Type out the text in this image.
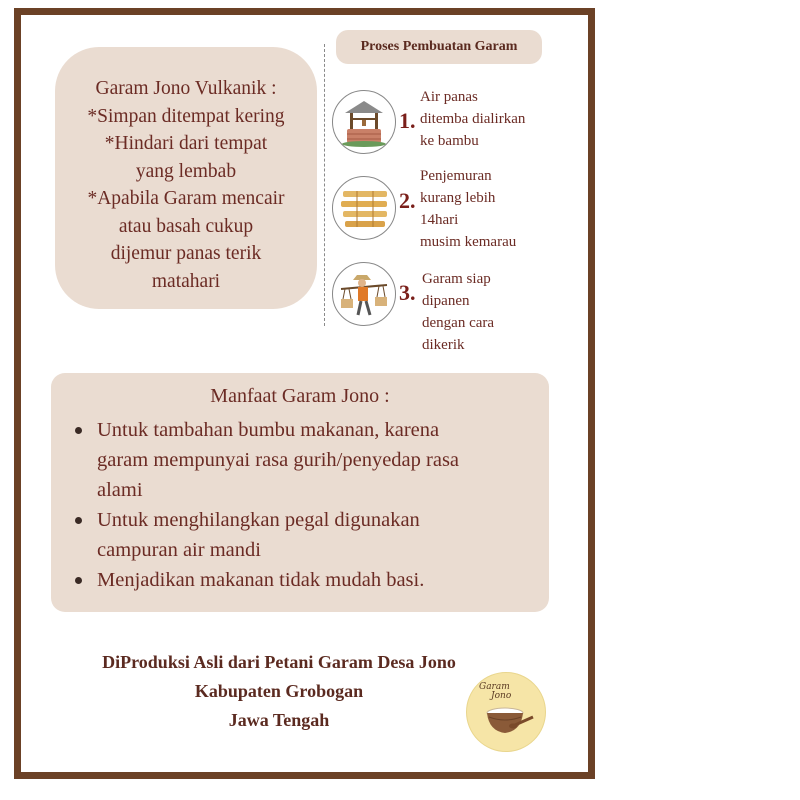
Garam Jono Vulkanik :
*Simpan ditempat kering
*Hindari dari tempat
yang lembab
*Apabila Garam mencair
atau basah cukup
dijemur panas terik
matahari
Proses Pembuatan Garam
1.
Air panas
ditemba dialirkan
ke bambu
2.
Penjemuran
kurang lebih
14hari
musim kemarau
3.
Garam siap
dipanen
dengan cara
dikerik
Manfaat Garam Jono :
Untuk tambahan bumbu makanan, karena
garam mempunyai rasa gurih/penyedap rasa
alami
Untuk menghilangkan pegal digunakan
campuran air mandi
Menjadikan makanan tidak mudah basi.
DiProduksi Asli dari Petani Garam Desa Jono
Kabupaten Grobogan
Jawa Tengah
Garam
Jono
